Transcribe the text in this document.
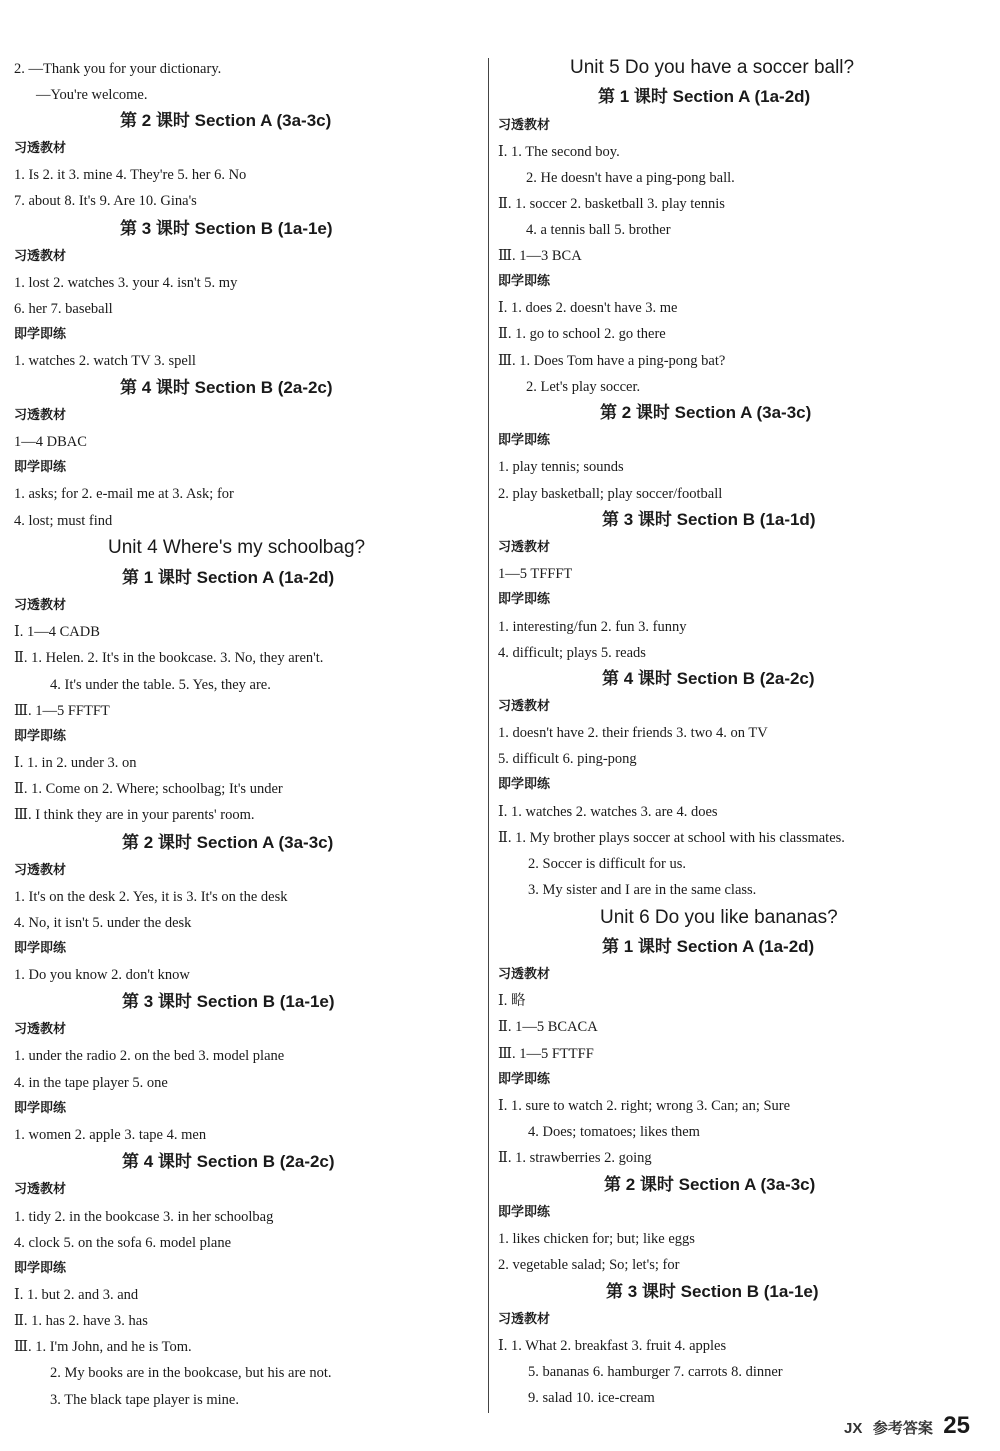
2. —Thank you for your dictionary.
—You're welcome.
第 2 课时 Section A (3a-3c)
习透教材
1. Is 2. it 3. mine 4. They're 5. her 6. No
7. about 8. It's 9. Are 10. Gina's
第 3 课时 Section B (1a-1e)
习透教材
1. lost 2. watches 3. your 4. isn't 5. my
6. her 7. baseball
即学即练
1. watches 2. watch TV 3. spell
第 4 课时 Section B (2a-2c)
习透教材
1—4 DBAC
即学即练
1. asks; for 2. e-mail me at 3. Ask; for
4. lost; must find
Unit 4 Where's my schoolbag?
第 1 课时 Section A (1a-2d)
习透教材
Ⅰ. 1—4 CADB
Ⅱ. 1. Helen. 2. It's in the bookcase. 3. No, they aren't.
4. It's under the table. 5. Yes, they are.
Ⅲ. 1—5 FFTFT
即学即练
Ⅰ. 1. in 2. under 3. on
Ⅱ. 1. Come on 2. Where; schoolbag; It's under
Ⅲ. I think they are in your parents' room.
第 2 课时 Section A (3a-3c)
习透教材
1. It's on the desk 2. Yes, it is 3. It's on the desk
4. No, it isn't 5. under the desk
即学即练
1. Do you know 2. don't know
第 3 课时 Section B (1a-1e)
习透教材
1. under the radio 2. on the bed 3. model plane
4. in the tape player 5. one
即学即练
1. women 2. apple 3. tape 4. men
第 4 课时 Section B (2a-2c)
习透教材
1. tidy 2. in the bookcase 3. in her schoolbag
4. clock 5. on the sofa 6. model plane
即学即练
Ⅰ. 1. but 2. and 3. and
Ⅱ. 1. has 2. have 3. has
Ⅲ. 1. I'm John, and he is Tom.
2. My books are in the bookcase, but his are not.
3. The black tape player is mine.
Unit 5 Do you have a soccer ball?
第 1 课时 Section A (1a-2d)
习透教材
Ⅰ. 1. The second boy.
2. He doesn't have a ping-pong ball.
Ⅱ. 1. soccer 2. basketball 3. play tennis
4. a tennis ball 5. brother
Ⅲ. 1—3 BCA
即学即练
Ⅰ. 1. does 2. doesn't have 3. me
Ⅱ. 1. go to school 2. go there
Ⅲ. 1. Does Tom have a ping-pong bat?
2. Let's play soccer.
第 2 课时 Section A (3a-3c)
即学即练
1. play tennis; sounds
2. play basketball; play soccer/football
第 3 课时 Section B (1a-1d)
习透教材
1—5 TFFFT
即学即练
1. interesting/fun 2. fun 3. funny
4. difficult; plays 5. reads
第 4 课时 Section B (2a-2c)
习透教材
1. doesn't have 2. their friends 3. two 4. on TV
5. difficult 6. ping-pong
即学即练
Ⅰ. 1. watches 2. watches 3. are 4. does
Ⅱ. 1. My brother plays soccer at school with his classmates.
2. Soccer is difficult for us.
3. My sister and I are in the same class.
Unit 6 Do you like bananas?
第 1 课时 Section A (1a-2d)
习透教材
Ⅰ. 略
Ⅱ. 1—5 BCACA
Ⅲ. 1—5 FTTFF
即学即练
Ⅰ. 1. sure to watch 2. right; wrong 3. Can; an; Sure
4. Does; tomatoes; likes them
Ⅱ. 1. strawberries 2. going
第 2 课时 Section A (3a-3c)
即学即练
1. likes chicken for; but; like eggs
2. vegetable salad; So; let's; for
第 3 课时 Section B (1a-1e)
习透教材
Ⅰ. 1. What 2. breakfast 3. fruit 4. apples
5. bananas 6. hamburger 7. carrots 8. dinner
9. salad 10. ice-cream
JX 参考答案 25
